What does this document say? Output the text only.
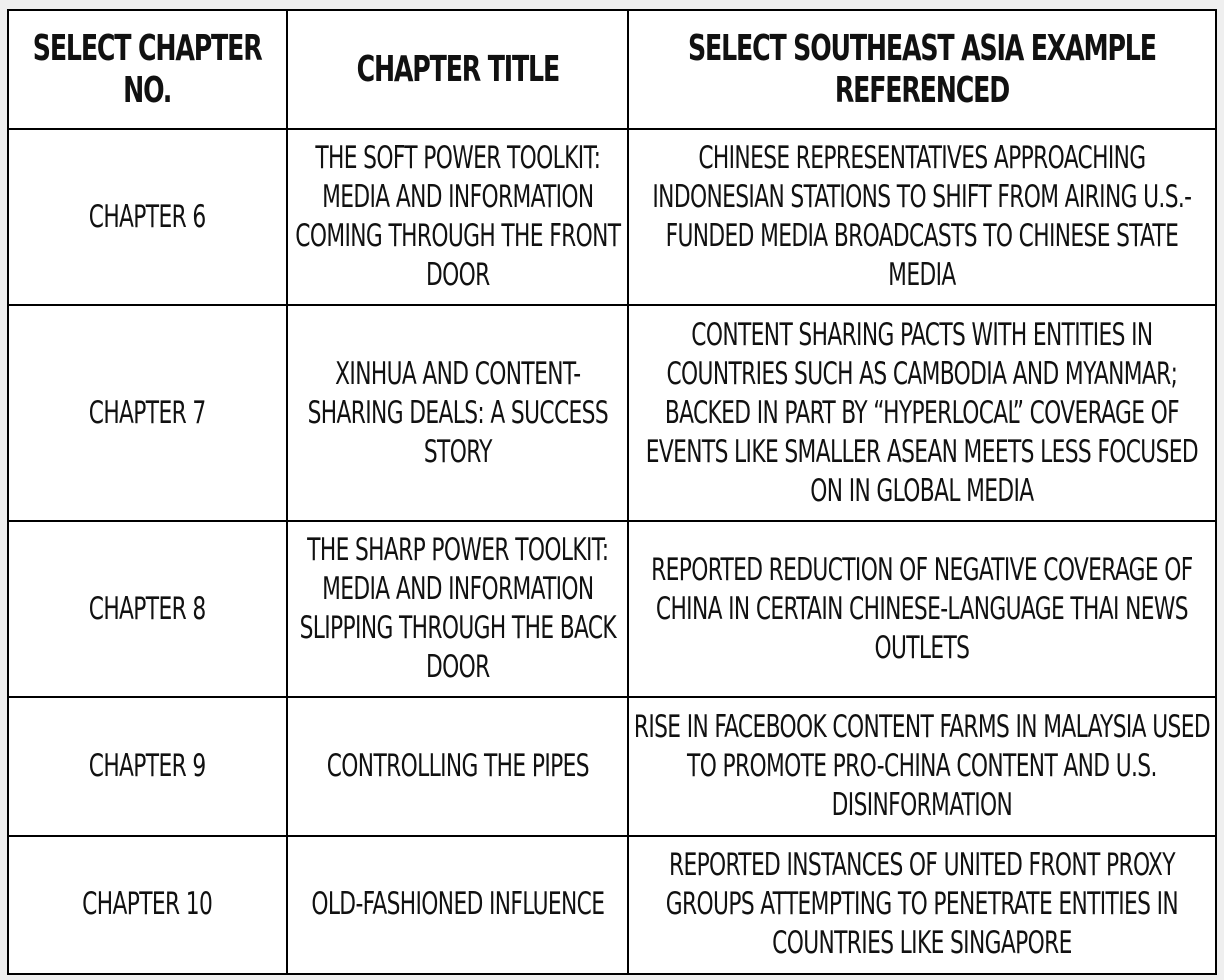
SELECT CHAPTER NO.	CHAPTER TITLE	SELECT SOUTHEAST ASIA EXAMPLE REFERENCED
CHAPTER 6	THE SOFT POWER TOOLKIT: MEDIA AND INFORMATION COMING THROUGH THE FRONT DOOR	CHINESE REPRESENTATIVES APPROACHING INDONESIAN STATIONS TO SHIFT FROM AIRING U.S.-FUNDED MEDIA BROADCASTS TO CHINESE STATE MEDIA
CHAPTER 7	XINHUA AND CONTENT-SHARING DEALS: A SUCCESS STORY	CONTENT SHARING PACTS WITH ENTITIES IN COUNTRIES SUCH AS CAMBODIA AND MYANMAR; BACKED IN PART BY “HYPERLOCAL” COVERAGE OF EVENTS LIKE SMALLER ASEAN MEETS LESS FOCUSED ON IN GLOBAL MEDIA
CHAPTER 8	THE SHARP POWER TOOLKIT: MEDIA AND INFORMATION SLIPPING THROUGH THE BACK DOOR	REPORTED REDUCTION OF NEGATIVE COVERAGE OF CHINA IN CERTAIN CHINESE-LANGUAGE THAI NEWS OUTLETS
CHAPTER 9	CONTROLLING THE PIPES	RISE IN FACEBOOK CONTENT FARMS IN MALAYSIA USED TO PROMOTE PRO-CHINA CONTENT AND U.S. DISINFORMATION
CHAPTER 10	OLD-FASHIONED INFLUENCE	REPORTED INSTANCES OF UNITED FRONT PROXY GROUPS ATTEMPTING TO PENETRATE ENTITIES IN COUNTRIES LIKE SINGAPORE
